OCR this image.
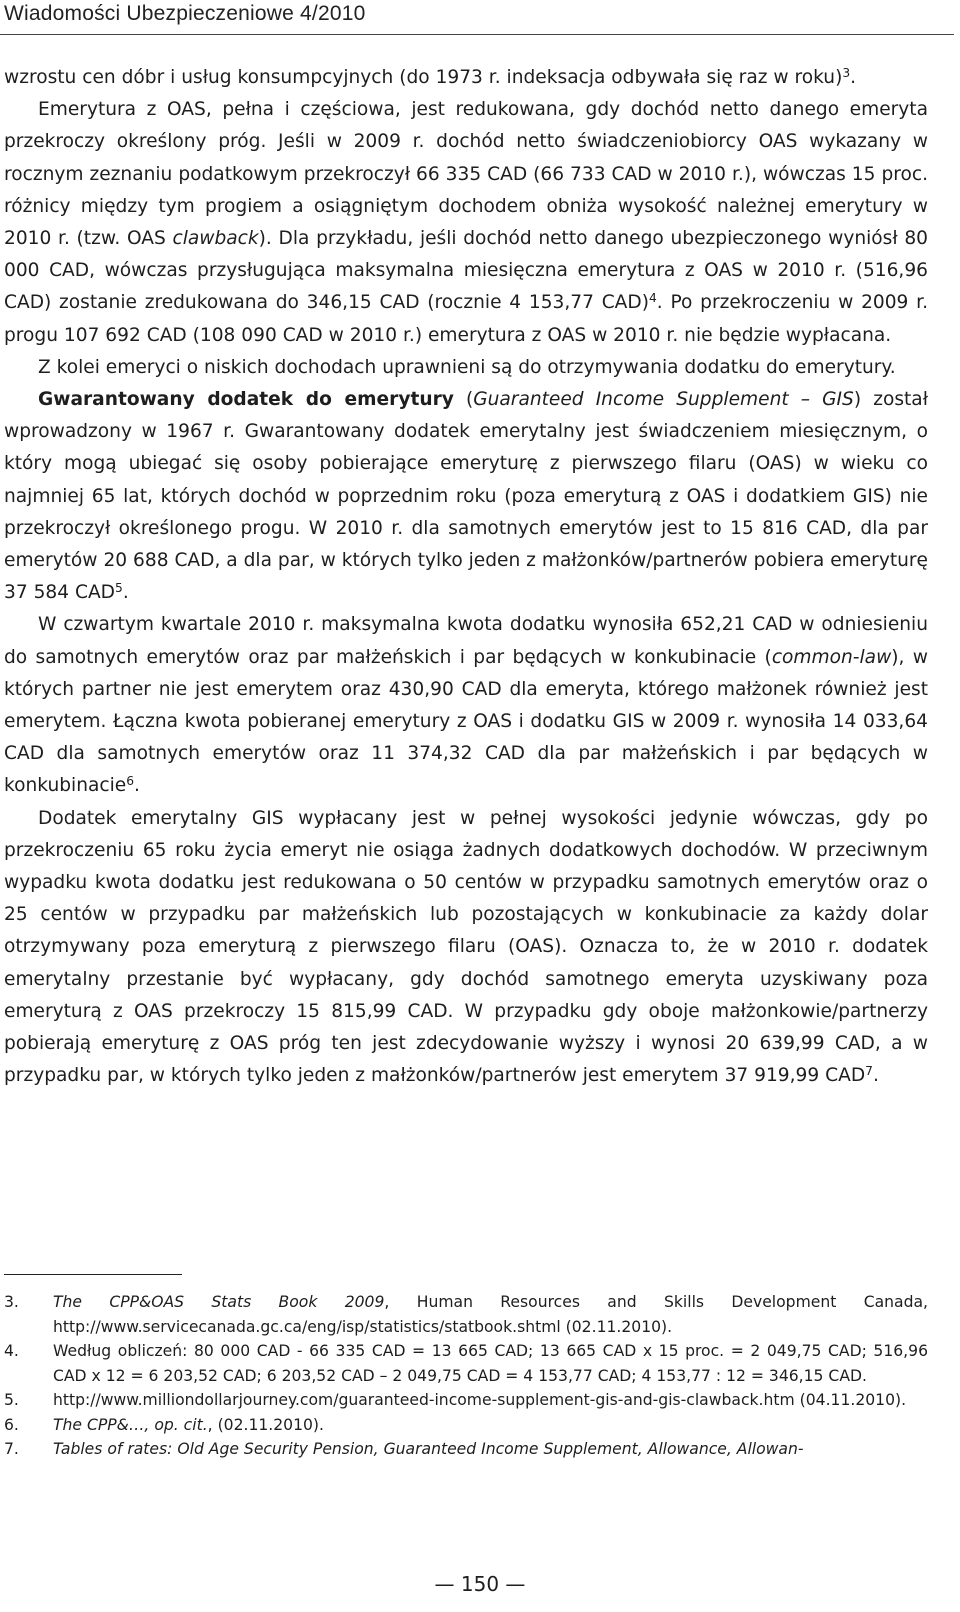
Wiadomości Ubezpieczeniowe 4/2010

wzrostu cen dóbr i usług konsumpcyjnych (do 1973 r. indeksacja odbywała się raz w roku)$^3$.

Emerytura z OAS, pełna i częściowa, jest redukowana, gdy dochód netto danego emeryta przekroczy określony próg. Jeśli w 2009 r. dochód netto świadczeniobiorcy OAS wykazany w rocznym zeznaniu podatkowym przekroczył 66 335 CAD (66 733 CAD w 2010 r.), wówczas 15 proc. różnicy między tym progiem a osiągniętym dochodem obniża wysokość należnej emerytury w 2010 r. (tzw. OAS clawback). Dla przykładu, jeśli dochód netto danego ubezpieczonego wyniósł 80 000 CAD, wówczas przysługująca maksymalna miesięczna emerytura z OAS w 2010 r. (516,96 CAD) zostanie zredukowana do 346,15 CAD (rocznie 4 153,77 CAD)$^4$. Po przekroczeniu w 2009 r. progu 107 692 CAD (108 090 CAD w 2010 r.) emerytura z OAS w 2010 r. nie będzie wypłacana.

Z kolei emeryci o niskich dochodach uprawnieni są do otrzymywania dodatku do emerytury.

Gwarantowany dodatek do emerytury (Guaranteed Income Supplement – GIS) został wprowadzony w 1967 r. Gwarantowany dodatek emerytalny jest świadczeniem miesięcznym, o który mogą ubiegać się osoby pobierające emeryturę z pierwszego filaru (OAS) w wieku co najmniej 65 lat, których dochód w poprzednim roku (poza emeryturą z OAS i dodatkiem GIS) nie przekroczył określonego progu. W 2010 r. dla samotnych emerytów jest to 15 816 CAD, dla par emerytów 20 688 CAD, a dla par, w których tylko jeden z małżonków/partnerów pobiera emeryturę 37 584 CAD$^5$.

W czwartym kwartale 2010 r. maksymalna kwota dodatku wynosiła 652,21 CAD w odniesieniu do samotnych emerytów oraz par małżeńskich i par będących w konkubinacie (common-law), w których partner nie jest emerytem oraz 430,90 CAD dla emeryta, którego małżonek również jest emerytem. Łączna kwota pobieranej emerytury z OAS i dodatku GIS w 2009 r. wynosiła 14 033,64 CAD dla samotnych emerytów oraz 11 374,32 CAD dla par małżeńskich i par będących w konkubinacie$^6$.

Dodatek emerytalny GIS wypłacany jest w pełnej wysokości jedynie wówczas, gdy po przekroczeniu 65 roku życia emeryt nie osiąga żadnych dodatkowych dochodów. W przeciwnym wypadku kwota dodatku jest redukowana o 50 centów w przypadku samotnych emerytów oraz o 25 centów w przypadku par małżeńskich lub pozostających w konkubinacie za każdy dolar otrzymywany poza emeryturą z pierwszego filaru (OAS). Oznacza to, że w 2010 r. dodatek emerytalny przestanie być wypłacany, gdy dochód samotnego emeryta uzyskiwany poza emeryturą z OAS przekroczy 15 815,99 CAD. W przypadku gdy oboje małżonkowie/partnerzy pobierają emeryturę z OAS próg ten jest zdecydowanie wyższy i wynosi 20 639,99 CAD, a w przypadku par, w których tylko jeden z małżonków/partnerów jest emerytem 37 919,99 CAD$^7$.

3.	The CPP&OAS Stats Book 2009, Human Resources and Skills Development Canada, http://www.servicecanada.gc.ca/eng/isp/statistics/statbook.shtml (02.11.2010).
4.	Według obliczeń: 80 000 CAD - 66 335 CAD = 13 665 CAD; 13 665 CAD x 15 proc. = 2 049,75 CAD; 516,96 CAD x 12 = 6 203,52 CAD; 6 203,52 CAD – 2 049,75 CAD = 4 153,77 CAD; 4 153,77 : 12 = 346,15 CAD.
5.	http://www.milliondollarjourney.com/guaranteed-income-supplement-gis-and-gis-clawback.htm (04.11.2010).
6.	The CPP&…, op. cit., (02.11.2010).
7.	Tables of rates: Old Age Security Pension, Guaranteed Income Supplement, Allowance, Allowan-
— 150 —
